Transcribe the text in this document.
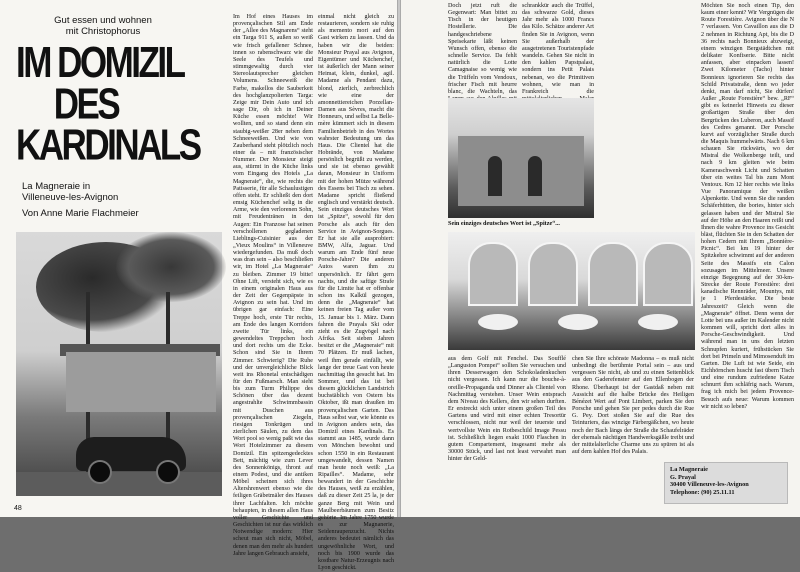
Gut essen und wohnen
mit Christophorus
IM DOMIZIL
DES
KARDINALS
La Magneraie in
Villeneuve-les-Avignon
Von Anne Marie Flachmeier

Im Hof eines Hauses im provençalischen Stil am Ende der „Allee des Magnarens“ steht ein Targa 911 S, außen so weiß wie frisch gefallener Schnee, innen so rabenschwarz wie die Seele des Teufels und stimmgewaltig durch vier Stereolautsprecher gleichen Volumens. Schneeweiß die Farbe, makellos die Sauberkeit des hochglanzpolierten Targa: Zeige mir Dein Auto und ich sage Dir, ob ich in Deiner Küche essen möchte! Wir wollten, und so stand denn ein staubig-weißer 28er neben dem Schneeweißen. Und wie von Zauberhand steht plötzlich noch einer da – mit französischer Nummer. Der Monsieur steigt aus, stürmt in die Küche links vom Eingang des Hotels „La Magneraie“, die, wie rechts die Patisserie, für alle Schaulustigen offen steht. Er schließt den dort emsig Küchenchef selig in die Arme, wie den verlorenen Sohn, mit Freudentränen in den Augen: Ein Franzose hat seinen verschollenen gegladenen Lieblings-Cuisinier aus der „Vieux Moulins“ in Villeneuve wiedergefunden. Da muß doch was dran sein – also beschließen wir, im Hotel „La Magneraie“ zu bleiben. Zimmer 19 bitte! Ohne Lift, versteht sich, wie es in einem originalen Haus aus der Zeit der Gegenpäpste in Avignon zu sein hat. Und im übrigen gar einfach: Eine Treppe hoch, erste Tür rechts, am Ende des langen Korridors zweite Tür links, ein gewendeltes Treppchen hoch und dort rechts um die Ecke. Schon sind Sie in Ihrem Zimmer. Schwierig? Die Ruhe und der unvergleichliche Blick weit ins Rhonetal entschädigen für den Fußmarsch. Man sieht bis zum Turm Philippe des Schönen über das dezent angestrahlte Schwimmbassin mit Duschen aus provençalischen Ziegeln, riesigen Tonkrügen und zierlichen Säulen, zu dem das Wort pool so wenig paßt wie das Wort Hotelzimmer zu diesem Domizil. Ein spitzengedecktes Bett, mächtig wie zum Lever des Sonnenkönigs, thront auf einem Podest, und die antiken Möbel scheinen sich ihres Altershrenwert ebenso wie die feiligen Gräbetmäler des Hauses ihrer Lachfalten. Ich möchte behaupten, in diesem allen Haus voller Geschichte und Geschichten ist nur das wirklich Notwendige modern: Hier scheut man sich nicht, Möbel, denen man den mehr als hundert Jahre langen Gebrauch ansieht,

einmal nicht gleich zu restaurieren, sondern sie ruhig als memento mori auf den Gast wirken zu lassen. Und da haben wir die beiden: Monsieur Prayal aus Avignon, Eigentümer und Küchenchef, ist äußerlich der Mann seiner Heimat, klein, dunkel, agil. Madame als Pendant dazu, blond, zierlich, zerbrechlich wie eine der amonnettiereichen Porzellan-Damen aus Sèvres, macht die Honneurs, und selbst La Belle-mère kümmert sich in diesem Familienbetrieb in des Wortes wahrster Bedeutung um das Haus. Die Clientel hat die Hobrände, von Madame persönlich begrüßt zu werden, und sie ist ebenso gewählt daran, Monsieur in Uniform mit der hohen Mütze während des Essens bei Tisch zu sehen. Madame spricht fließend englisch und verstärkt deutsch. Sein einziges deutsches Wort ist „Spitze“, sowohl für den Porsche als auch für den Service in Avignon-Sorgues. Er hat sie alle ausprobiert: BMW, Alfa, Jaguar. Und warum am Ende fünf neue Porsche-Jahre? Die anderen Autos waren ihm zu unpersönlich. Er fährt gern nachts, und die saftige Strafe für die Limite hat er offenbar schon ins Kalkül gezogen, denn die „Magneraie“ hat keinen freien Tag außer vom 15. Januar bis 1. März. Dann fahren die Prayals Ski oder zieht es die Zugvögel nach Afrika. Seit sieben Jahren besitzt er die „Magneraie“ mit 70 Plätzen. Er muß lachen, weil ihm gerade einfällt, wie lange der treue Gast von heute nachmittag ihn gesucht hat. Im Sommer, und das ist bei diesem glücklichen Landstrich buchstäblich von Ostern bis Oktober, ißt man draußen im provençalischen Garten. Das Haus selbst war, wie könnte es in Avignon anders sein, das Domizil eines Kardinals. Es stammt aus 1485, wurde dann von Mönchen bewohnt und schon 1550 in ein Restaurant umgewandelt, dessen Namen man heute noch weiß: „La Ripailles“. Madame, sehr bewandert in der Geschichte des Hauses, weiß zu erzählen, daß zu dieser Zeit 25 la, je der ganze Berg mit Wein und Maulbeerbäumen zum Besitz gehörte. Im Jahre 1750 wurde es zur Magnanerie, Seidenraupenzucht. Nichts anderes bedeutet nämlich das ungewöhnliche Wort, und noch bis 1900 wurde das kostbare Natur-Erzeugnis nach Lyon geschickt.

48

Doch jetzt ruft die Gegenwart: Man bittet zu Tisch in der heutigen Hostellerie. Die handgeschriebene Speisekarte läßt keinen Wunsch offen, ebenso die schnelle Service. Da fehlt natürlich die Lotte Camagnaise so wenig wie die Trüffeln vom Vendoux, frischer Fisch mit heurre blanc, die Wachteln, das

schrankkür auch die Trüffel, das schwarze Gold, dieses Jahr mehr als 1000 Francs das Kilo. Schätze anderer Art finden Sie in Avignon, wenn Sie außerhalb der ausgetretenen Touristenpfade wandeln. Gehen Sie nicht in den kahlen Papstpalast, sondern ins Petit Palais nebenan, wo die Primitiven wohnen, wie man in Frankreich die

Sein einziges deutsches Wort ist „Spitze“...

aus dem Golf mit Fenchel. Das Soufflé „Languston Pompei“ sollten Sie versuchen und ihren Desserwagen den Schokoladenkuchen nicht vergessen. Ich kann nur die bouche-à-oreille-Propaganda und Dinner als Clientel von Nachmittag verstehen. Unser Wein entsprach dem Niveau des Kellers, den wir sehen durften. Er erstreckt sich unter einem großen Teil des Gartens und wird mit einer echten Tresortür verschlossen, nicht nur weil der teuerste und wertvollste Wein ein Rotbeschild Image Pessu ist. Schließlich liegen exakt 1000 Flaschen in gutem Compartement, insgesamt mehr als 30000 Stück, und last not least verwahrt man hinter der Geld-

chen Sie Ihre schönste Madonna – es muß nicht unbedingt die berühmte Portal sein – aus und vergessen Sie nicht, ab und zu einen Seitenblick aus den Gaderefenster auf den Ellenbogen der Rhone. Überhaupt ist der Gastdaß neben mit Aussicht auf die halbe Brücke des Heiligen Bénézet Wert auf Pont Limbert, parken Sie den Porsche und gehen Sie per pedes durch die Rue G. Pey. Dort stoßen Sie auf die Rue des Teinturiers, das winzige Färbergäßchen, wo heute noch der Bach längs der Straße die Schaufelräder der ehemals nächtigen Handwerksgäßle treibt und der mittelalterliche Charme uns zu spüren ist als auf dem kahlen Hof des Palais.

Möchten Sie noch einen Tip, den kaum einer kennt? Wir Vergnügen die Route Forestière. Avignon über die N 7 verlassen. Von Cavaillon aus die D 2 nehmen in Richtung Apt, bis die D 36 rechts nach Bonnieux abzweigt, einem winzigen Bergstädtchen mit delikater Konfiserie. Bitte nicht anfassen, aber einpacken lassen! Zwei Kilometer (Tacho) hinter Bonnieux ignorieren Sie rechts das Schild Privatstraße, denn wo jeder denkt, man darf nicht, Sie dürfen! Außer „Route Forestière“ bew. „RF“ gibt es keinerlei Hinweis zu dieser großartigen Straße über den Bergrücken des Luberon, auch Massif des Cedres genannt. Der Porsche kurvt auf vorzüglicher Straße durch die Maquis hummelwärts. Nach 6 km schauen Sie rückwärts, wo der Mistral die Wolkenberge teilt, und nach 9 km gleiten wie beim Kameraschwenk Licht und Schatten über ein weites Tal bis zum Mont Ventoux. Km 12 hier rechts wie links Vue Panoramique der weißen Alpenkette. Und wenn Sie die randen Schäferhütten, die bories, hinter sich gelassen haben und der Mistral Sie auf der Höhe an den Haaren reißt und Ihnen die wahre Provence ins Gesicht bläst, flüchten Sie in den Schatten der hohen Cedern mit Ihrem „Bonnière-Picnic“. Bei km 19 hinter der Spitzkehre schwimmt auf der anderen Seite des Massifs ein Calon sozusagen im Mittelmeer. Unsere einzige Begegnung auf der 30-km-Strecke der Route Forestière: drei kanadische Rennräder, Mountys, mit je 1 Pferdestärke. Die beste Jahreszeit? Gleich wenn die „Magneraie“ öffnet. Denn wenn der Lotte bei uns außer im Kalender nicht kommen will, spricht dort alles in Porsche-Geschwindigkeit. Und während man in uns den letzten Schnupfen kuriert, frühstücken Sie dort bei Primeln und Mimosenduft im Garten. Die Luft ist wie Seide, ein Eichhörnchen huscht fast übern Tisch und eine rundum zufriedene Katze schnurrt ihm schläfrig nach. Warum, frag ich mich bei jedem Provence-Besuch aufs neue: Warum kommen wir nicht so leben?

La Magneraie
G. Prayal
30400 Villeneuve-les-Avignon
Telephone: (90) 25.11.11
